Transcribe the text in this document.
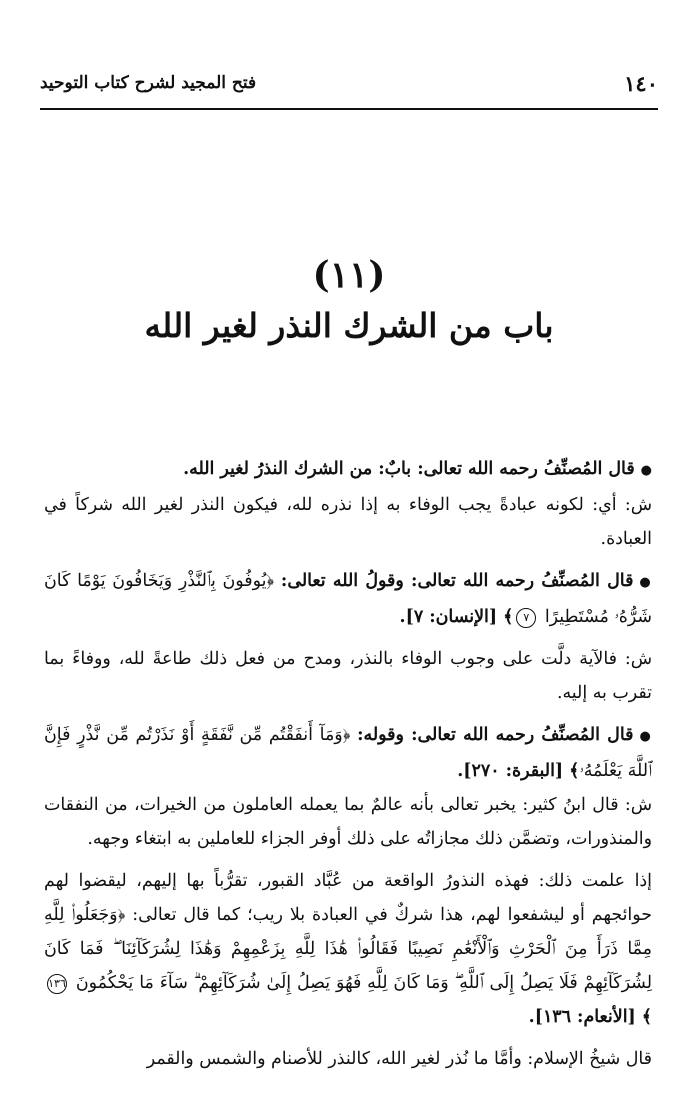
فتح المجيد لشرح كتاب التوحيد	١٤٠
(١١)
باب من الشرك النذر لغير الله

●قال المُصنِّفُ رحمه الله تعالى: بابٌ: من الشرك النذرُ لغير الله.

ش: أي: لكونه عبادةً يجب الوفاء به إذا نذره لله، فيكون النذر لغير الله شركاً في العبادة.

●قال المُصنِّفُ رحمه الله تعالى: وقولُ الله تعالى: ﴿يُوفُونَ بِٱلنَّذْرِ وَيَخَافُونَ يَوْمًا كَانَ شَرُّهُۥ مُسْتَطِيرًا ٧﴾ [الإنسان: ٧].

ش: فالآية دلَّت على وجوب الوفاء بالنذر، ومدح من فعل ذلك طاعةً لله، ووفاءً بما تقرب به إليه.

●قال المُصنِّفُ رحمه الله تعالى: وقوله: ﴿وَمَآ أَنفَقْتُم مِّن نَّفَقَةٍ أَوْ نَذَرْتُم مِّن نَّذْرٍ فَإِنَّ ٱللَّهَ يَعْلَمُهُۥ﴾ [البقرة: ٢٧٠].

ش: قال ابنُ كثير: يخبر تعالى بأنه عالمٌ بما يعمله العاملون من الخيرات، من النفقات والمنذورات، وتضمَّن ذلك مجازاتُه على ذلك أوفر الجزاء للعاملين به ابتغاء وجهه.

إذا علمت ذلك: فهذه النذورُ الواقعة من عُبَّاد القبور، تقرُّباً بها إليهم، ليقضوا لهم حوائجهم أو ليشفعوا لهم، هذا شركٌ في العبادة بلا ريب؛ كما قال تعالى: ﴿وَجَعَلُوا۟ لِلَّهِ مِمَّا ذَرَأَ مِنَ ٱلْحَرْثِ وَٱلْأَنْعَٰمِ نَصِيبًا فَقَالُوا۟ هَٰذَا لِلَّهِ بِزَعْمِهِمْ وَهَٰذَا لِشُرَكَآئِنَا ۖ فَمَا كَانَ لِشُرَكَآئِهِمْ فَلَا يَصِلُ إِلَى ٱللَّهِ ۖ وَمَا كَانَ لِلَّهِ فَهُوَ يَصِلُ إِلَىٰ شُرَكَآئِهِمْ ۗ سَآءَ مَا يَحْكُمُونَ ١٣٦﴾ [الأنعام: ١٣٦].

قال شيخُ الإسلام: وأمَّا ما نُذر لغير الله، كالنذر للأصنام والشمس والقمر
